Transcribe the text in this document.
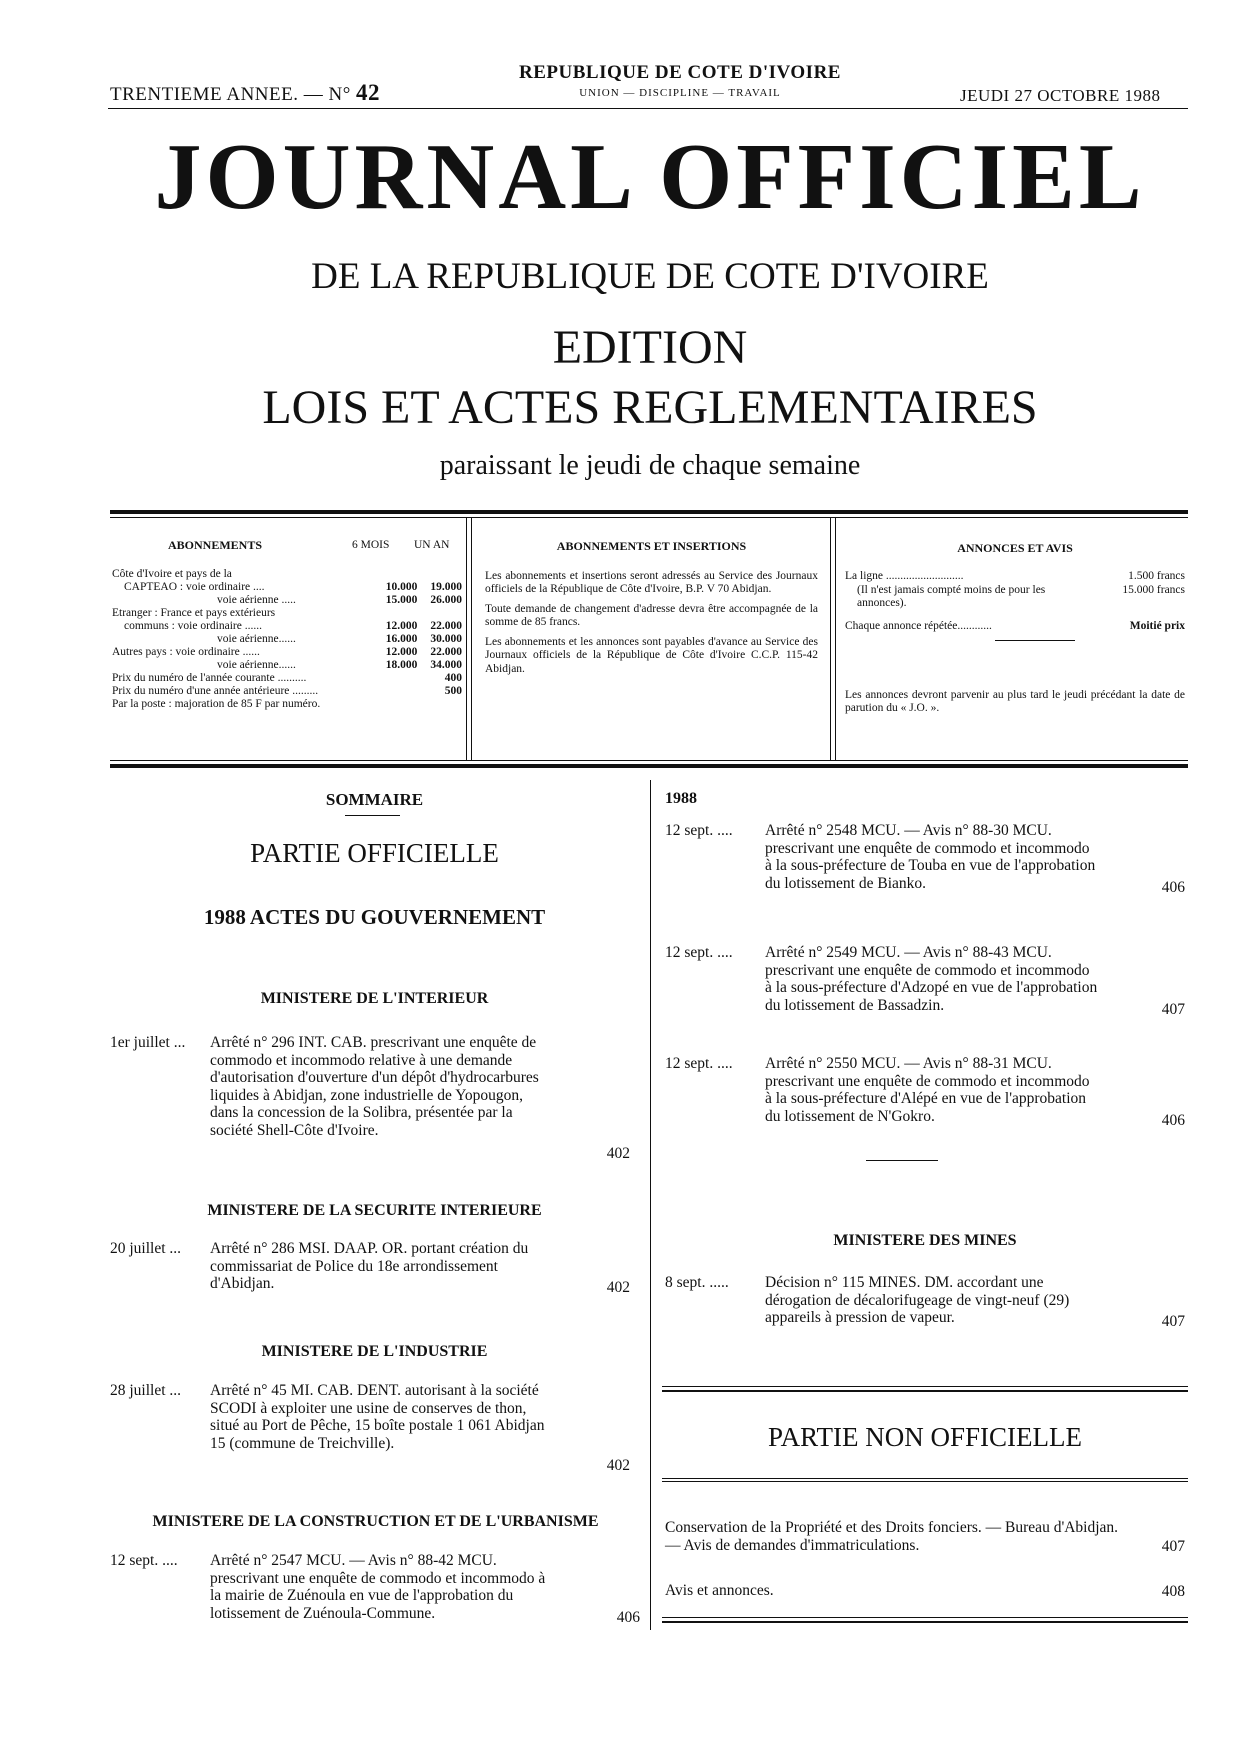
TRENTIEME ANNEE. — N° 42
REPUBLIQUE DE COTE D'IVOIRE
UNION — DISCIPLINE — TRAVAIL	JEUDI 27 OCTOBRE 1988
JOURNAL OFFICIEL
DE LA REPUBLIQUE DE COTE D'IVOIRE
EDITION
LOIS ET ACTES REGLEMENTAIRES
paraissant le jeudi de chaque semaine
ABONNEMENTS	6 MOIS UN AN
Côte d'Ivoire et pays de la		
CAPTEAO : voie ordinaire ....	10.000	19.000
voie aérienne .....	15.000	26.000
Etranger : France et pays extérieurs		
communs : voie ordinaire ......	12.000	22.000
voie aérienne......	16.000	30.000
Autres pays : voie ordinaire ......	12.000	22.000
voie aérienne......	18.000	34.000
Prix du numéro de l'année courante ..........		400
Prix du numéro d'une année antérieure .........		500
Par la poste : majoration de 85 F par numéro.		
ABONNEMENTS ET INSERTIONS
Les abonnements et insertions seront adressés au Service des Journaux officiels de la République de Côte d'Ivoire, B.P. V 70 Abidjan.
Toute demande de changement d'adresse devra être accompagnée de la somme de 85 francs.
Les abonnements et les annonces sont payables d'avance au Service des Journaux officiels de la République de Côte d'Ivoire C.C.P. 115-42 Abidjan.
ANNONCES ET AVIS
La ligne ...........................	1.500 francs
(Il n'est jamais compté moins de pour les annonces).
15.000 francs
Chaque annonce répétée............	Moitié prix
Les annonces devront parvenir au plus tard le jeudi précédant la date de parution du « J.O. ».
SOMMAIRE
PARTIE OFFICIELLE
1988 ACTES DU GOUVERNEMENT
MINISTERE DE L'INTERIEUR
MINISTERE DE LA SECURITE INTERIEURE
MINISTERE DE L'INDUSTRIE
MINISTERE DE LA CONSTRUCTION ET DE L'URBANISME
1er juillet ... Arrêté n° 296 INT. CAB. prescrivant une enquête de commodo et incommodo relative à une demande d'autorisation d'ouverture d'un dépôt d'hydrocarbures liquides à Abidjan, zone industrielle de Yopougon, dans la concession de la Solibra, présentée par la société Shell-Côte d'Ivoire.
402
20 juillet ... Arrêté n° 286 MSI. DAAP. OR. portant création du commissariat de Police du 18e arrondissement d'Abidjan.	402
28 juillet ... Arrêté n° 45 MI. CAB. DENT. autorisant à la société SCODI à exploiter une usine de conserves de thon, situé au Port de Pêche, 15 boîte postale 1 061 Abidjan 15 (commune de Treichville).
402
12 sept. .... Arrêté n° 2547 MCU. — Avis n° 88-42 MCU. prescrivant une enquête de commodo et incommodo à la mairie de Zuénoula en vue de l'approbation du lotissement de Zuénoula-Commune.	406
1988
12 sept. .... Arrêté n° 2548 MCU. — Avis n° 88-30 MCU. prescrivant une enquête de commodo et incommodo à la sous-préfecture de Touba en vue de l'approbation du lotissement de Bianko.	406
12 sept. .... Arrêté n° 2549 MCU. — Avis n° 88-43 MCU. prescrivant une enquête de commodo et incommodo à la sous-préfecture d'Adzopé en vue de l'approbation du lotissement de Bassadzin.	407
12 sept. .... Arrêté n° 2550 MCU. — Avis n° 88-31 MCU. prescrivant une enquête de commodo et incommodo à la sous-préfecture d'Alépé en vue de l'approbation du lotissement de N'Gokro.	406
MINISTERE DES MINES
8 sept. ..... Décision n° 115 MINES. DM. accordant une dérogation de décalorifugeage de vingt-neuf (29) appareils à pression de vapeur.	407
PARTIE NON OFFICIELLE
Conservation de la Propriété et des Droits fonciers. — Bureau d'Abidjan. — Avis de demandes d'immatriculations.	407
Avis et annonces.	408
